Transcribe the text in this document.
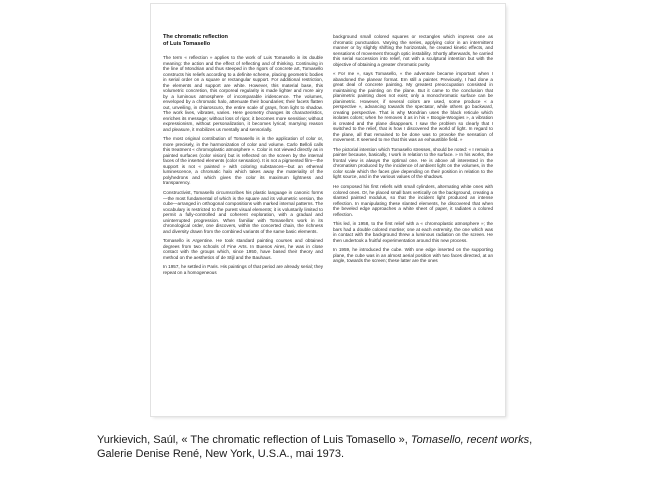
The chromatic reflection
of Luis Tomasello

The term « reflection » applies to the work of Luis Tomasello in its double meaning: the action and the effect of reflecting and of thinking. Continuing in the line of Mondrian and thus steeped in the rigors of concrete art, Tomasello constructs his reliefs according to a definite scheme, placing geometric bodies in serial order on a square or rectangular support. For additional restriction, the elements and support are white. However, this material base, this volumetric concretion, this corporeal regularity is made lighter and more airy by a luminous atmosphere of incomparable iridescence. The volumes, enveloped by a chromatic halo, attenuate their boundaries; their facets flatten out, unveiling, in chiaroscuro, the entire scale of grays, from light to shadow. The work lives, vibrates, varies. Here geometry changes its characteristics, enriches its message; without loss of rigor, it becomes more sensitive; without expressionism, without personalization, it becomes lyrical; marrying reason and pleasure, it mobilizes us mentally and sensorially.

The most original contribution of Tomasello is in the application of color or, more precisely, in the harmonization of color and volume. Carlo Belloli calls this treatment « chromoplastic atmosphere ». Color is not viewed directly as in painted surfaces (color vision) but is reflected on the screen by the internal faces of the inserted elements (color sensation). It is not a pigmented film—the support is not « painted » with coloring substances—but an ethereal luminescence, a chromatic halo which takes away the materiality of the polyhedrons and which gives the color its maximum lightness and transparency.

Constructivist, Tomasello circumscribes his plastic language in canonic forms—the most fundamental of which is the square and its volumetric version, the cube—arranged in orthogonal compositions with marked internal patterns. The vocabulary is restricted to the purest visual elements; it is voluntarily limited to permit a fully-controlled and coherent exploration, with a gradual and uninterrupted progression. When familiar with Tomasello's work in its chronological order, one discovers, within the concerted chain, the richness and diversity drawn from the combined variants of the same basic elements.

Tomasello is Argentine. He took standard painting courses and obtained degrees from two schools of Fine Arts. In Buenos Aires, he was in close contact with the groups which, since 1950, have based their theory and method on the aesthetics of de Stijl and the Bauhaus.

In 1957, he settled in Paris. His paintings of that period are already serial; they repeat on a homogeneous

background small colored squares or rectangles which impress one as chromatic punctuation. Varying the series, applying color in an intermittent manner or by slightly shifting the horizontals, he created kinetic effects, and sensations of movement through optic instability. Shortly afterwards, he carried this serial succession into relief, not with a sculptural intention but with the objective of obtaining a greater chromatic purity.

« For me », says Tomasello, « the adventure became important when I abandoned the planear format. Em still a painter. Previously, I had done a great deal of concrete painting. My greatest preoccupation consisted in maintaining the painting on the plane. But it came to the conclusion that planimetric painting does not exist; only a monochromatic surface can be planimetric. However, if several colors are used, some produce « a perspective », advancing towards the spectator, while others go backward, creating perspective. That is why Mondrian uses the black reticule which isolates colors; when he removes it as in his « Boogie-Woogies », a vibration is created and the plane disappears. I saw the problem so clearly that I switched to the relief, that is how I discovered the world of light. In regard to the plane, all that remained to be done was to provoke the sensation of movement. It seemed to me that this was an exhaustible field. »

The pictorial intention which Tomasello stresses, should be noted: « I remain a painter because, basically, I work in relation to the surface. » In his works, the frontal view is always the optimal one. He is above all interested in the chromatism produced by the incidence of ambient light on the volumes, in the color scale which the faces give depending on their position in relation to the light source, and in the various values of the shadows.

He composed his first reliefs with small cylinders, alternating white ones with colored ones. Or, he placed small bars vertically on the background, creating a slanted painted modulus, so that the incident light produced an intense reflection. In manipulating these slanted elements, he discovered that when the beveled edge approaches a white sheet of paper, it radiates a colored reflection.

This led, in 1958, to the first relief with a « chromoplastic atmosphere »; the bars had a double colored mortise; one at each extremity, the one which was in contact with the background threw a luminous radiation on the screen. He then undertook a fruitful experimentation around this new process.

In 1959, he introduced the cube. With one edge inserted on the supporting plane, the cube was in an almost aerial position with two faces directed, at an angle, towards the screen; these latter are the ones

Yurkievich, Saúl, « The chromatic reflection of Luis Tomasello », Tomasello, recent works, Galerie Denise René, New York, U.S.A., mai 1973.
